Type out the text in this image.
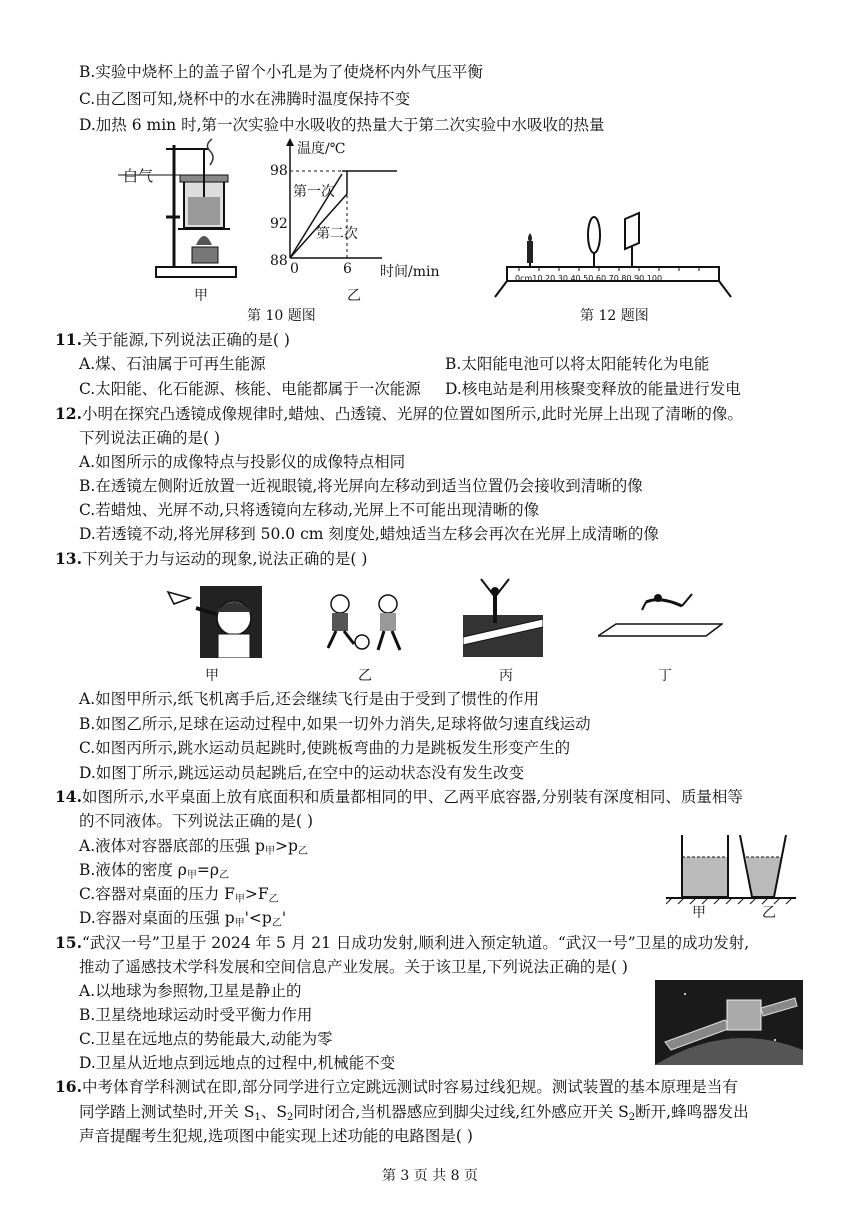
B.实验中烧杯上的盖子留个小孔是为了使烧杯内外气压平衡
C.由乙图可知,烧杯中的水在沸腾时温度保持不变
D.加热 6 min 时,第一次实验中水吸收的热量大于第二次实验中水吸收的热量
白气
甲
温度/℃
98
92
88 0	6 时间/min
第一次
第二次
乙
第 10 题图
0cm10 20 30 40 50 60 70 80 90 100
第 12 题图
11.关于能源,下列说法正确的是( )
A.煤、石油属于可再生能源	B.太阳能电池可以将太阳能转化为电能
C.太阳能、化石能源、核能、电能都属于一次能源 D.核电站是利用核聚变释放的能量进行发电
12.小明在探究凸透镜成像规律时,蜡烛、凸透镜、光屏的位置如图所示,此时光屏上出现了清晰的像。
下列说法正确的是( )
A.如图所示的成像特点与投影仪的成像特点相同
B.在透镜左侧附近放置一近视眼镜,将光屏向左移动到适当位置仍会接收到清晰的像
C.若蜡烛、光屏不动,只将透镜向左移动,光屏上不可能出现清晰的像
D.若透镜不动,将光屏移到 50.0 cm 刻度处,蜡烛适当左移会再次在光屏上成清晰的像
13.下列关于力与运动的现象,说法正确的是( )
甲	乙	丙	丁
A.如图甲所示,纸飞机离手后,还会继续飞行是由于受到了惯性的作用
B.如图乙所示,足球在运动过程中,如果一切外力消失,足球将做匀速直线运动
C.如图丙所示,跳水运动员起跳时,使跳板弯曲的力是跳板发生形变产生的
D.如图丁所示,跳远运动员起跳后,在空中的运动状态没有发生改变
14.如图所示,水平桌面上放有底面积和质量都相同的甲、乙两平底容器,分别装有深度相同、质量相等
的不同液体。下列说法正确的是( )
A.液体对容器底部的压强 $p_甲>p_乙$
B.液体的密度 $\rho_甲=\rho_乙$
C.容器对桌面的压力 $F_甲>F_乙$
D.容器对桌面的压强 $p_甲'<p_乙'$	甲	乙
15.“武汉一号”卫星于 2024 年 5 月 21 日成功发射,顺利进入预定轨道。“武汉一号”卫星的成功发射,
推动了遥感技术学科发展和空间信息产业发展。关于该卫星,下列说法正确的是( )
A.以地球为参照物,卫星是静止的
B.卫星绕地球运动时受平衡力作用
C.卫星在远地点的势能最大,动能为零
D.卫星从近地点到远地点的过程中,机械能不变
16.中考体育学科测试在即,部分同学进行立定跳远测试时容易过线犯规。测试装置的基本原理是当有
同学踏上测试垫时,开关 $S_1$、$S_2$同时闭合,当机器感应到脚尖过线,红外感应开关 $S_2$断开,蜂鸣器发出
声音提醒考生犯规,选项图中能实现上述功能的电路图是( )
第 3 页 共 8 页
